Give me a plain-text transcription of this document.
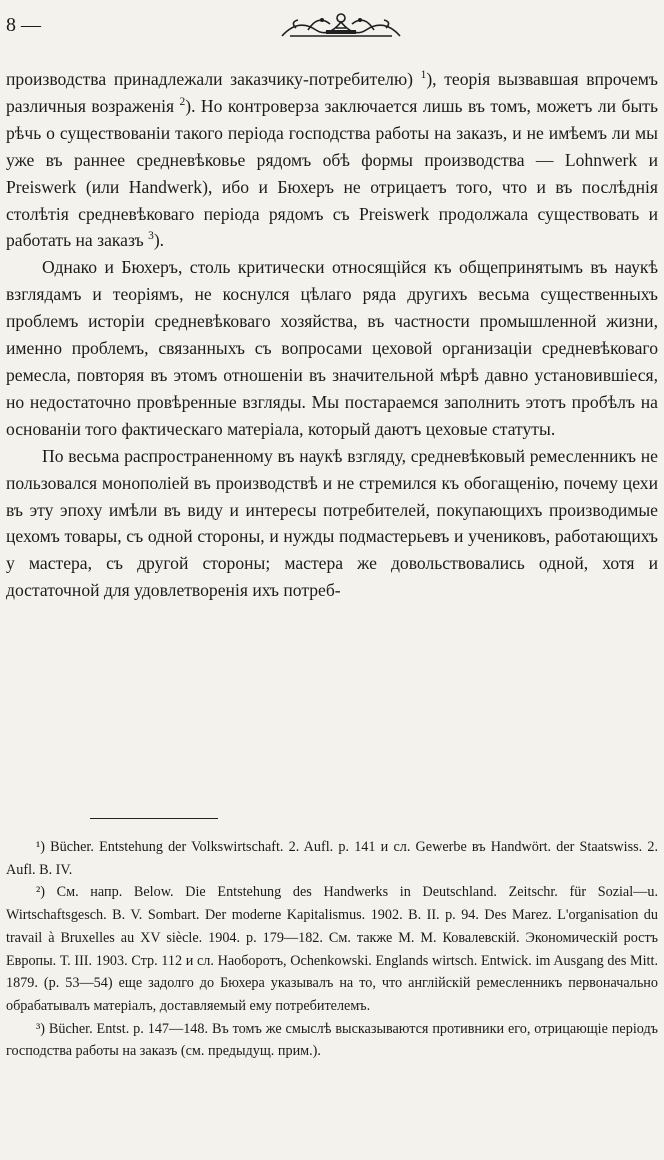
8 —

производства принадлежали заказчику-потребителю) $^1$), теорія вызвавшая впрочемъ различныя возраженія $^2$). Но контроверза заключается лишь въ томъ, можетъ ли быть рѣчь о существованіи такого періода господства работы на заказъ, и не имѣемъ ли мы уже въ раннее средневѣковье рядомъ обѣ формы производства — Lohnwerk и Preiswerk (или Handwerk), ибо и Бюхеръ не отрицаетъ того, что и въ послѣднія столѣтія средневѣковаго періода рядомъ съ Preiswerk продолжала существовать и работать на заказъ $^3$).

Однако и Бюхеръ, столь критически относящійся къ общепринятымъ въ наукѣ взглядамъ и теоріямъ, не коснулся цѣлаго ряда другихъ весьма существенныхъ проблемъ исторіи средневѣковаго хозяйства, въ частности промышленной жизни, именно проблемъ, связанныхъ съ вопросами цеховой организаціи средневѣковаго ремесла, повторяя въ этомъ отношеніи въ значительной мѣрѣ давно установившіеся, но недостаточно провѣренные взгляды. Мы постараемся заполнить этотъ пробѣлъ на основаніи того фактическаго матеріала, который даютъ цеховые статуты.

По весьма распространенному въ наукѣ взгляду, средневѣковый ремесленникъ не пользовался монополіей въ производствѣ и не стремился къ обогащенію, почему цехи въ эту эпоху имѣли въ виду и интересы потребителей, покупающихъ производимые цехомъ товары, съ одной стороны, и нужды подмастерьевъ и учениковъ, работающихъ у мастера, съ другой стороны; мастера же довольствовались одной, хотя и достаточной для удовлетворенія ихъ потреб-

¹) Bücher. Entstehung der Volkswirtschaft. 2. Aufl. p. 141 и сл. Gewerbe въ Handwört. der Staatswiss. 2. Aufl. B. IV.

²) См. напр. Below. Die Entstehung des Handwerks in Deutschland. Zeitschr. für Sozial—u. Wirtschaftsgesch. B. V. Sombart. Der moderne Kapitalismus. 1902. B. II. p. 94. Des Marez. L'organisation du travail à Bruxelles au XV siècle. 1904. p. 179—182. См. также М. М. Ковалевскій. Экономическій ростъ Европы. Т. III. 1903. Стр. 112 и сл. Наоборотъ, Ochenkowski. Englands wirtsch. Entwick. im Ausgang des Mitt. 1879. (p. 53—54) еще задолго до Бюхера указывалъ на то, что англійскій ремесленникъ первоначально обрабатывалъ матеріалъ, доставляемый ему потребителемъ.

³) Bücher. Entst. p. 147—148. Въ томъ же смыслѣ высказываются противники его, отрицающіе періодъ господства работы на заказъ (см. предыдущ. прим.).
